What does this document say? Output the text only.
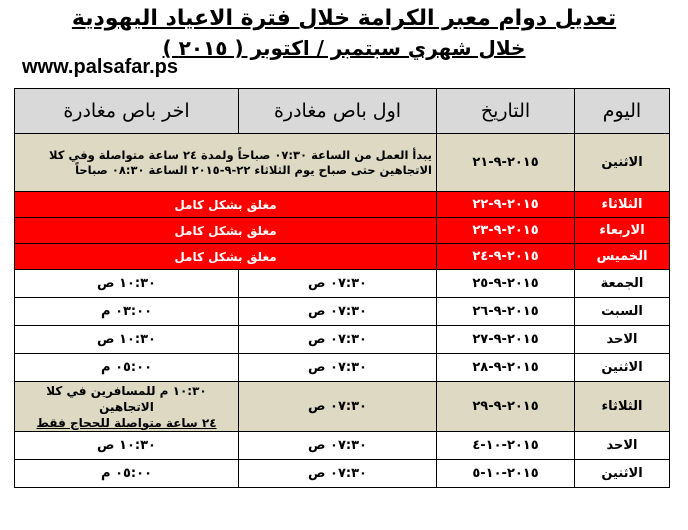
تعديل دوام معبر الكرامة خلال فترة الاعياد اليهودية
خلال شهري سبتمبر / اكتوبر ( ٢٠١٥ )
www.palsafar.ps
اليوم	التاريخ	اول باص مغادرة	اخر باص مغادرة
الاثنين	٢٠١٥-٩-٢١	يبدأ العمل من الساعة ٠٧:٣٠ صباحاً ولمدة ٢٤ ساعة متواصلة وفي كلا الاتجاهين حتى صباح يوم الثلاثاء ٢٢-٩-٢٠١٥ الساعة ٠٨:٣٠ صباحاً	
الثلاثاء	٢٠١٥-٩-٢٢	مغلق بشكل كامل	
الاربعاء	٢٠١٥-٩-٢٣	مغلق بشكل كامل	
الخميس	٢٠١٥-٩-٢٤	مغلق بشكل كامل	
الجمعة	٢٠١٥-٩-٢٥	٠٧:٣٠ ص	١٠:٣٠ ص
السبت	٢٠١٥-٩-٢٦	٠٧:٣٠ ص	٠٣:٠٠ م
الاحد	٢٠١٥-٩-٢٧	٠٧:٣٠ ص	١٠:٣٠ ص
الاثنين	٢٠١٥-٩-٢٨	٠٧:٣٠ ص	٠٥:٠٠ م
الثلاثاء	٢٠١٥-٩-٢٩	٠٧:٣٠ ص	١٠:٣٠ م للمسافرين في كلا الاتجاهين
٢٤ ساعة متواصلة للحجاج فقط

الاحد	٢٠١٥-١٠-٤	٠٧:٣٠ ص	١٠:٣٠ ص
الاثنين	٢٠١٥-١٠-٥	٠٧:٣٠ ص	٠٥:٠٠ م
